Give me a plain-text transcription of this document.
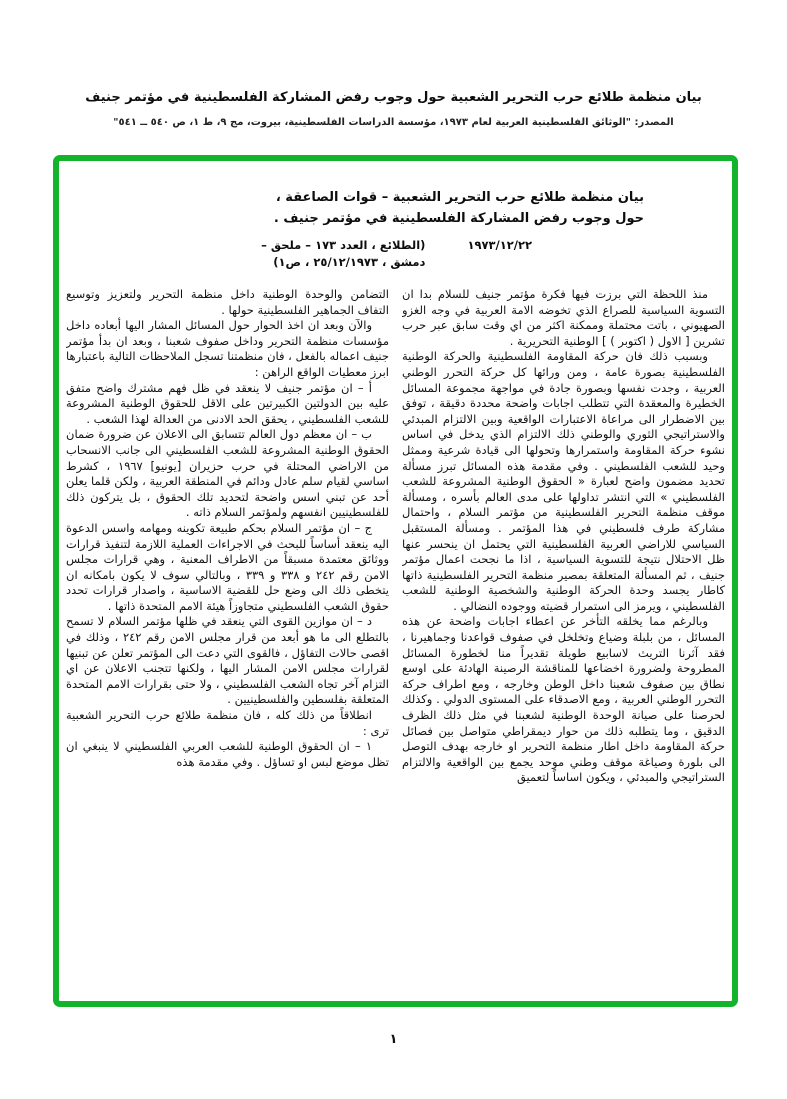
بيان منظمة طلائع حرب التحرير الشعبية حول وجوب رفض المشاركة الفلسطينية في مؤتمر جنيف
المصدر: "الوثائق الفلسطينية العربية لعام ١٩٧٣، مؤسسة الدراسات الفلسطينية، بيروت، مج ٩، ط ١، ص ٥٤٠ ــ ٥٤١"
بيان منظمة طلائع حرب التحرير الشعبية – قوات الصاعقة ،
حول وجوب رفض المشاركة الفلسطينية في مؤتمر جنيف .
١٩٧٣/١٢/٢٢
(الطلائع ، العدد ١٧٣ – ملحق –
دمشق ، ٢٥/١٢/١٩٧٣ ، ص١)

منذ اللحظة التي برزت فيها فكرة مؤتمر جنيف للسلام بدا ان التسوية السياسية للصراع الذي تخوضه الامة العربية في وجه الغزو الصهيوني ، باتت محتملة وممكنة اكثر من اي وقت سابق عبر حرب تشرين [ الاول ( اكتوبر ) ] الوطنية التحريرية .

وبسبب ذلك فان حركة المقاومة الفلسطينية والحركة الوطنية الفلسطينية بصورة عامة ، ومن ورائها كل حركة التحرر الوطني العربية ، وجدت نفسها وبصورة جادة في مواجهة مجموعة المسائل الخطيرة والمعقدة التي تتطلب اجابات واضحة محددة دقيقة ، توفق بين الاضطرار الى مراعاة الاعتبارات الواقعية وبين الالتزام المبدئي والاستراتيجي الثوري والوطني ذلك الالتزام الذي يدخل في اساس نشوء حركة المقاومة واستمرارها وتحولها الى قيادة شرعية وممثل وحيد للشعب الفلسطيني . وفي مقدمة هذه المسائل تبرز مسألة تحديد مضمون واضح لعبارة « الحقوق الوطنية المشروعة للشعب الفلسطيني » التي انتشر تداولها على مدى العالم بأسره ، ومسألة موقف منظمة التحرير الفلسطينية من مؤتمر السلام ، واحتمال مشاركة طرف فلسطيني في هذا المؤتمر . ومسألة المستقبل السياسي للاراضي العربية الفلسطينية التي يحتمل ان ينحسر عنها ظل الاحتلال نتيجة للتسوية السياسية ، اذا ما نجحت اعمال مؤتمر جنيف ، ثم المسألة المتعلقة بمصير منظمة التحرير الفلسطينية ذاتها كاطار يجسد وحدة الحركة الوطنية والشخصية الوطنية للشعب الفلسطيني ، ويرمز الى استمرار قضيته ووجوده النضالي .

وبالرغم مما يخلقه التأخر عن اعطاء اجابات واضحة عن هذه المسائل ، من بلبلة وضياع وتخلخل في صفوف قواعدنا وجماهيرنا ، فقد آثرنا التريث لاسابيع طويلة تقديراً منا لخطورة المسائل المطروحة ولضرورة اخضاعها للمناقشة الرصينة الهادئة على اوسع نطاق بين صفوف شعبنا داخل الوطن وخارجه ، ومع اطراف حركة التحرر الوطني العربية ، ومع الاصدقاء على المستوى الدولي . وكذلك لحرصنا على صيانة الوحدة الوطنية لشعبنا في مثل ذلك الظرف الدقيق ، وما يتطلبه ذلك من حوار ديمقراطي متواصل بين فصائل حركة المقاومة داخل اطار منظمة التحرير او خارجه بهدف التوصل الى بلورة وصياغة موقف وطني موحد يجمع بين الواقعية والالتزام الستراتيجي والمبدئي ، ويكون اساساً لتعميق

التضامن والوحدة الوطنية داخل منظمة التحرير ولتعزيز وتوسيع التفاف الجماهير الفلسطينية حولها .

والآن وبعد ان اخذ الحوار حول المسائل المشار اليها أبعاده داخل مؤسسات منظمة التحرير وداخل صفوف شعبنا ، وبعد ان بدأ مؤتمر جنيف اعماله بالفعل ، فان منظمتنا تسجل الملاحظات التالية باعتبارها ابرز معطيات الواقع الراهن :

أ – ان مؤتمر جنيف لا ينعقد في ظل فهم مشترك واضح متفق عليه بين الدولتين الكبيرتين على الاقل للحقوق الوطنية المشروعة للشعب الفلسطيني ، يحقق الحد الادنى من العدالة لهذا الشعب .

ب – ان معظم دول العالم تتسابق الى الاعلان عن ضرورة ضمان الحقوق الوطنية المشروعة للشعب الفلسطيني الى جانب الانسحاب من الاراضي المحتلة في حرب حزيران [يونيو] ١٩٦٧ ، كشرط اساسي لقيام سلم عادل ودائم في المنطقة العربية ، ولكن قلما يعلن أحد عن تبني اسس واضحة لتحديد تلك الحقوق ، بل يتركون ذلك للفلسطينيين انفسهم ولمؤتمر السلام ذاته .

ج – ان مؤتمر السلام بحكم طبيعة تكوينه ومهامه واسس الدعوة اليه ينعقد أساساً للبحث في الاجراءات العملية اللازمة لتنفيذ قرارات ووثائق معتمدة مسبقاً من الاطراف المعنية ، وهي قرارات مجلس الامن رقم ٢٤٢ و ٣٣٨ و ٣٣٩ ، وبالتالي سوف لا يكون بامكانه ان يتخطى ذلك الى وضع حل للقضية الاساسية ، واصدار قرارات تحدد حقوق الشعب الفلسطيني متجاوزاً هيئة الامم المتحدة ذاتها .

د – ان موازين القوى التي ينعقد في ظلها مؤتمر السلام لا تسمح بالتطلع الى ما هو أبعد من قرار مجلس الامن رقم ٢٤٢ ، وذلك في اقصى حالات التفاؤل ، فالقوى التي دعت الى المؤتمر تعلن عن تبنيها لقرارات مجلس الامن المشار اليها ، ولكنها تتجنب الاعلان عن اي التزام آخر تجاه الشعب الفلسطيني ، ولا حتى بقرارات الامم المتحدة المتعلقة بفلسطين والفلسطينيين .

انطلاقاً من ذلك كله ، فان منظمة طلائع حرب التحرير الشعبية ترى :

١ – ان الحقوق الوطنية للشعب العربي الفلسطيني لا ينبغي ان تظل موضع لبس او تساؤل . وفي مقدمة هذه

١
